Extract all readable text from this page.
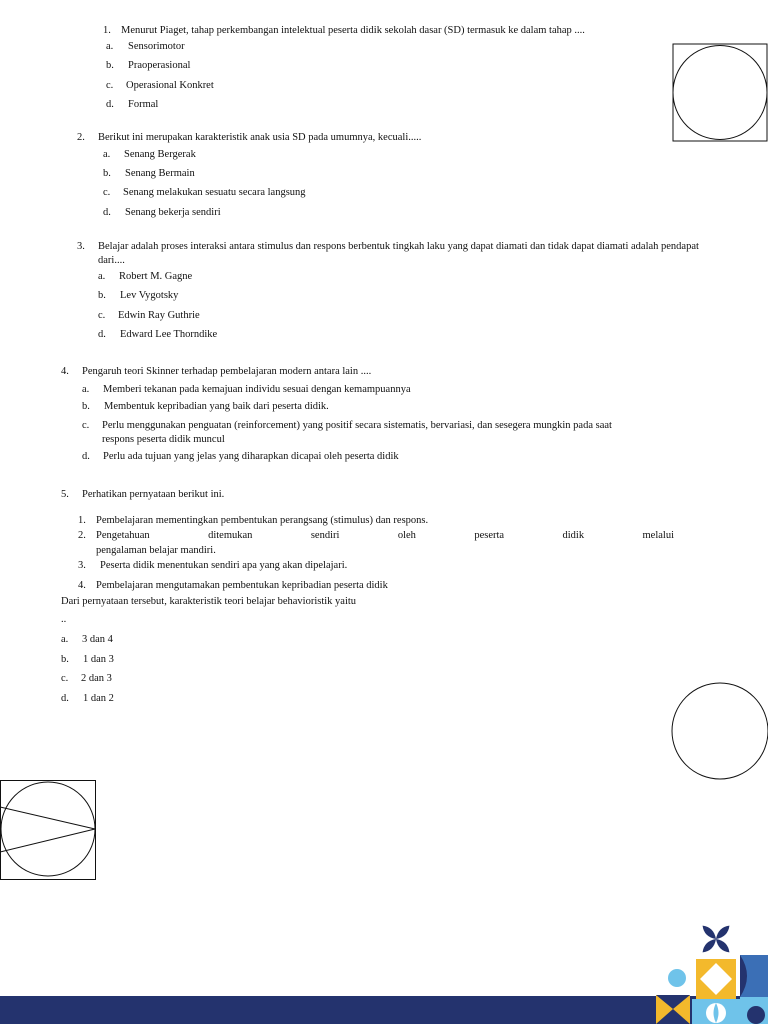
1. Menurut Piaget, tahap perkembangan intelektual peserta didik sekolah dasar (SD) termasuk ke dalam tahap ....
a. Sensorimotor
b. Praoperasional
c. Operasional Konkret
d. Formal
2. Berikut ini merupakan karakteristik anak usia SD pada umumnya, kecuali.....
a. Senang Bergerak
b. Senang Bermain
c. Senang melakukan sesuatu secara langsung
d. Senang bekerja sendiri
3. Belajar adalah proses interaksi antara stimulus dan respons berbentuk tingkah laku yang dapat diamati dan tidak dapat diamati adalah pendapat dari....
a. Robert M. Gagne
b. Lev Vygotsky
c. Edwin Ray Guthrie
d. Edward Lee Thorndike
4. Pengaruh teori Skinner terhadap pembelajaran modern antara lain ....
a. Memberi tekanan pada kemajuan individu sesuai dengan kemampuannya
b. Membentuk kepribadian yang baik dari peserta didik.
c. Perlu menggunakan penguatan (reinforcement) yang positif secara sistematis, bervariasi, dan sesegera mungkin pada saat respons peserta didik muncul
d. Perlu ada tujuan yang jelas yang diharapkan dicapai oleh peserta didik
5. Perhatikan pernyataan berikut ini.
1. Pembelajaran mementingkan pembentukan perangsang (stimulus) dan respons.
2. Pengetahuan	ditemukan	sendiri	oleh	peserta	didik	melalui
pengalaman belajar mandiri.
3. Peserta didik menentukan sendiri apa yang akan dipelajari.
4. Pembelajaran mengutamakan pembentukan kepribadian peserta didik
Dari pernyataan tersebut, karakteristik teori belajar behavioristik yaitu
..
a. 3 dan 4
b. 1 dan 3
c. 2 dan 3
d. 1 dan 2
